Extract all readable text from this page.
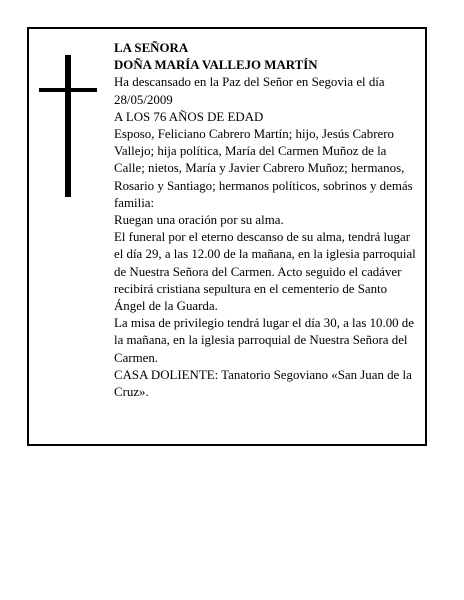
LA SEÑORA

DOÑA MARÍA VALLEJO MARTÍN

Ha descansado en la Paz del Señor en Segovia el día 28/05/2009

A LOS 76 AÑOS DE EDAD

Esposo, Feliciano Cabrero Martín; hijo, Jesús Cabrero Vallejo; hija política, María del Carmen Muñoz de la Calle; nietos, María y Javier Cabrero Muñoz; hermanos, Rosario y Santiago; hermanos políticos, sobrinos y demás familia:

Ruegan una oración por su alma.

El funeral por el eterno descanso de su alma, tendrá lugar el día 29, a las 12.00 de la mañana, en la iglesia parroquial de Nuestra Señora del Carmen. Acto seguido el cadáver recibirá cristiana sepultura en el cementerio de Santo Ángel de la Guarda.

La misa de privilegio tendrá lugar el día 30, a las 10.00 de la mañana, en la iglesia parroquial de Nuestra Señora del Carmen.

CASA DOLIENTE: Tanatorio Segoviano «San Juan de la Cruz».
